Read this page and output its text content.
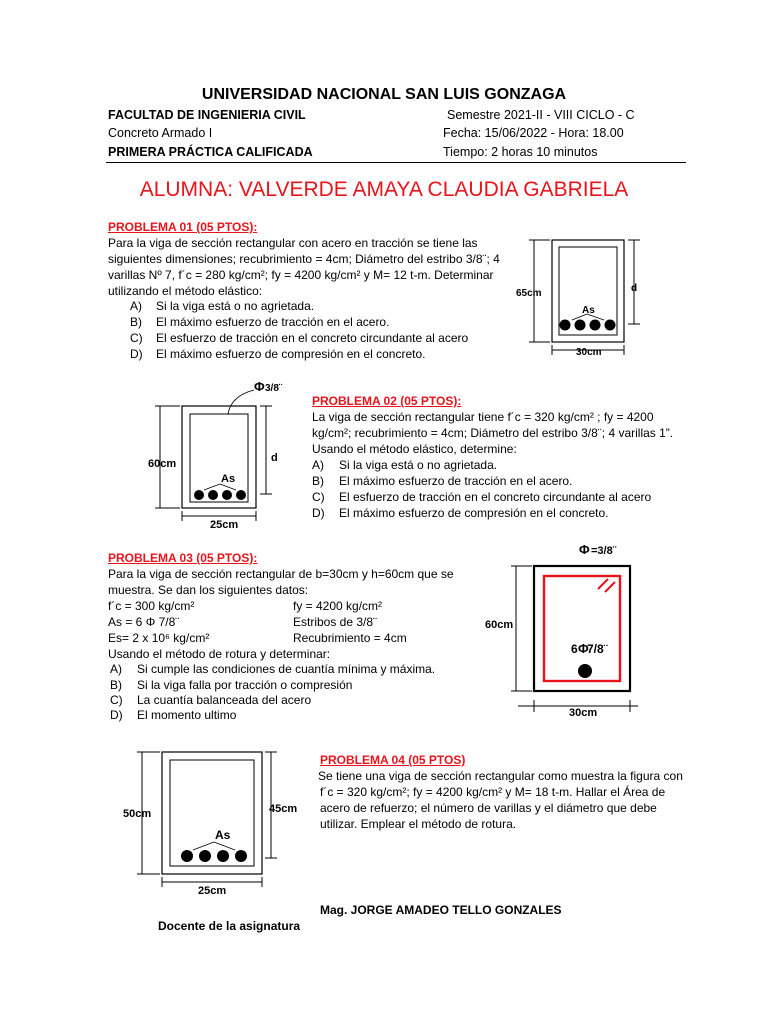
UNIVERSIDAD NACIONAL SAN LUIS GONZAGA
FACULTAD DE INGENIERIA CIVIL	Semestre 2021-II - VIII CICLO - C
Concreto Armado I	Fecha: 15/06/2022 - Hora: 18.00
PRIMERA PRÁCTICA CALIFICADA	Tiempo: 2 horas 10 minutos
ALUMNA: VALVERDE AMAYA CLAUDIA GABRIELA
PROBLEMA 01 (05 PTOS):
Para la viga de sección rectangular con acero en tracción se tiene las
siguientes dimensiones; recubrimiento = 4cm; Diámetro del estribo 3/8¨; 4
varillas Nº 7, f´c = 280 kg/cm²; fy = 4200 kg/cm² y M= 12 t-m. Determinar
utilizando el método elástico:
A) Si la viga está o no agrietada.
B) El máximo esfuerzo de tracción en el acero.
C) El esfuerzo de tracción en el concreto circundante al acero
D) El máximo esfuerzo de compresión en el concreto.
65cm	d
As
30cm
Φ 3/8¨
60cm	d
As
25cm
PROBLEMA 02 (05 PTOS):
La viga de sección rectangular tiene f´c = 320 kg/cm² ; fy = 4200
kg/cm²; recubrimiento = 4cm; Diámetro del estribo 3/8¨; 4 varillas 1”.
Usando el método elástico, determine:
A) Si la viga está o no agrietada.
B) El máximo esfuerzo de tracción en el acero.
C) El esfuerzo de tracción en el concreto circundante al acero
D) El máximo esfuerzo de compresión en el concreto.
PROBLEMA 03 (05 PTOS):
Para la viga de sección rectangular de b=30cm y h=60cm que se
muestra. Se dan los siguientes datos:
f´c = 300 kg/cm²	fy = 4200 kg/cm²
As = 6 Φ 7/8¨	Estribos de 3/8¨
Es= 2 x 10⁶ kg/cm²	Recubrimiento = 4cm
Usando el método de rotura y determinar:
A) Si cumple las condiciones de cuantía mínima y máxima.
B) Si la viga falla por tracción o compresión
C) La cuantía balanceada del acero
D) El momento ultimo
Φ =3/8¨
6 Φ
7/8¨
60cm
30cm
50cm	45cm
As
25cm
PROBLEMA 04 (05 PTOS)
Se tiene una viga de sección rectangular como muestra la figura con
f´c = 320 kg/cm²; fy = 4200 kg/cm² y M= 18 t-m. Hallar el Área de
acero de refuerzo; el número de varillas y el diámetro que debe
utilizar. Emplear el método de rotura.
Mag. JORGE AMADEO TELLO GONZALES
Docente de la asignatura
